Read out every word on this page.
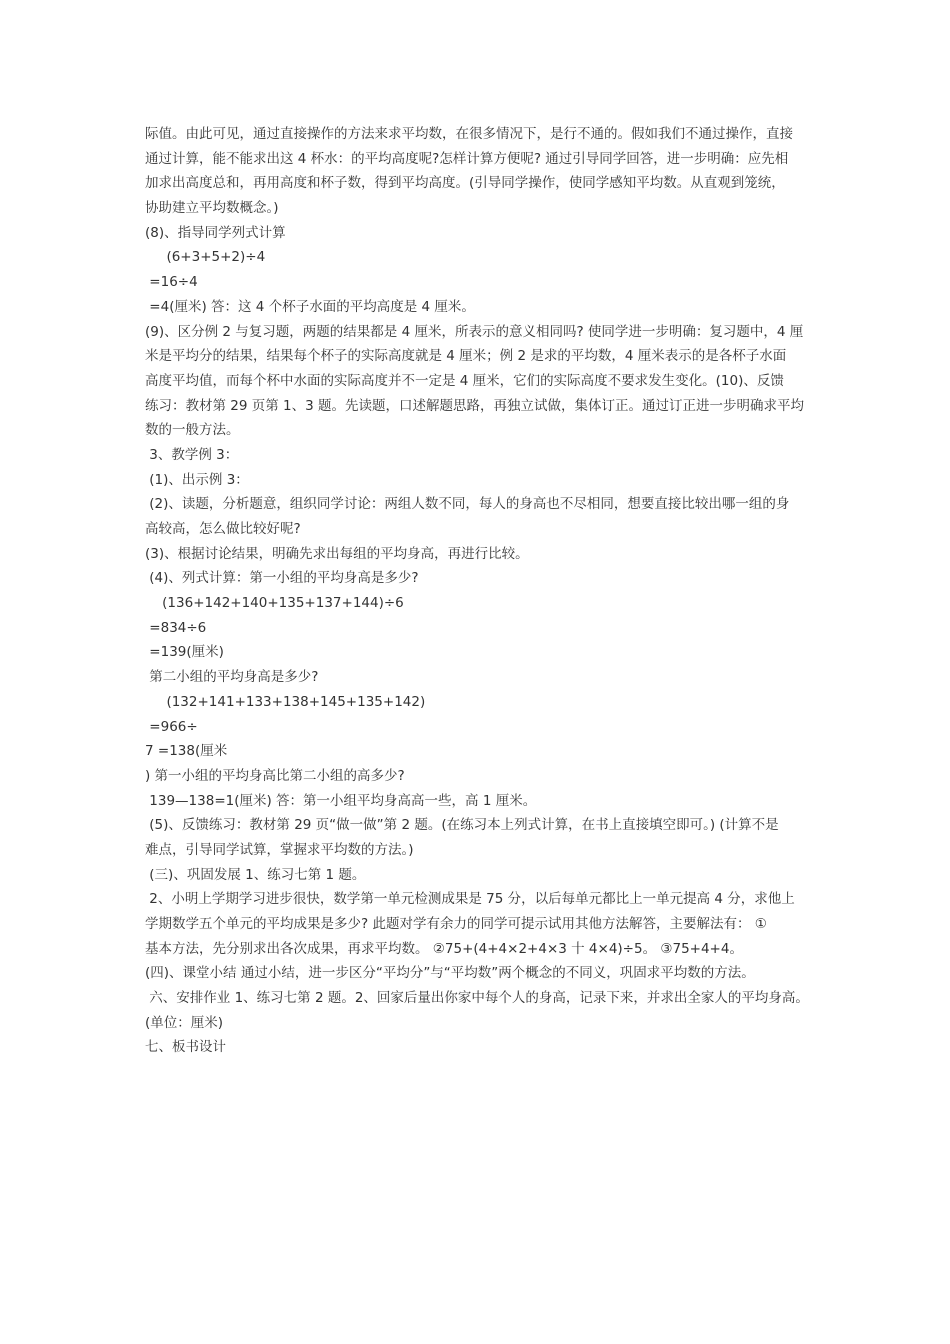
际值。由此可见，通过直接操作的方法来求平均数，在很多情况下，是行不通的。假如我们不通过操作，直接
通过计算，能不能求出这 4 杯水：的平均高度呢?怎样计算方便呢? 通过引导同学回答，进一步明确：应先相
加求出高度总和，再用高度和杯子数，得到平均高度。(引导同学操作，使同学感知平均数。从直观到笼统，
协助建立平均数概念。)
(8)、指导同学列式计算
(6+3+5+2)÷4
=16÷4
=4(厘米) 答：这 4 个杯子水面的平均高度是 4 厘米。
(9)、区分例 2 与复习题，两题的结果都是 4 厘米，所表示的意义相同吗? 使同学进一步明确：复习题中，4 厘
米是平均分的结果，结果每个杯子的实际高度就是 4 厘米；例 2 是求的平均数，4 厘米表示的是各杯子水面
高度平均值，而每个杯中水面的实际高度并不一定是 4 厘米，它们的实际高度不要求发生变化。(10)、反馈
练习：教材第 29 页第 1、3 题。先读题，口述解题思路，再独立试做，集体订正。通过订正进一步明确求平均
数的一般方法。
3、教学例 3：
(1)、出示例 3：
(2)、读题，分析题意，组织同学讨论：两组人数不同，每人的身高也不尽相同，想要直接比较出哪一组的身
高较高，怎么做比较好呢?
(3)、根据讨论结果，明确先求出每组的平均身高，再进行比较。
(4)、列式计算：第一小组的平均身高是多少?
(136+142+140+135+137+144)÷6
=834÷6
=139(厘米)
第二小组的平均身高是多少?
(132+141+133+138+145+135+142)
=966÷
7 =138(厘米
) 第一小组的平均身高比第二小组的高多少?
139—138=1(厘米) 答：第一小组平均身高高一些，高 1 厘米。
(5)、反馈练习：教材第 29 页“做一做”第 2 题。(在练习本上列式计算，在书上直接填空即可。) (计算不是
难点，引导同学试算，掌握求平均数的方法。)
(三)、巩固发展 1、练习七第 1 题。
2、小明上学期学习进步很快，数学第一单元检测成果是 75 分，以后每单元都比上一单元提高 4 分，求他上
学期数学五个单元的平均成果是多少? 此题对学有余力的同学可提示试用其他方法解答，主要解法有： ①
基本方法，先分别求出各次成果，再求平均数。 ②75+(4+4×2+4×3 十 4×4)÷5。 ③75+4+4。
(四)、课堂小结 通过小结，进一步区分“平均分”与“平均数”两个概念的不同义，巩固求平均数的方法。
六、安排作业 1、练习七第 2 题。2、回家后量出你家中每个人的身高，记录下来，并求出全家人的平均身高。
(单位：厘米)
七、板书设计
